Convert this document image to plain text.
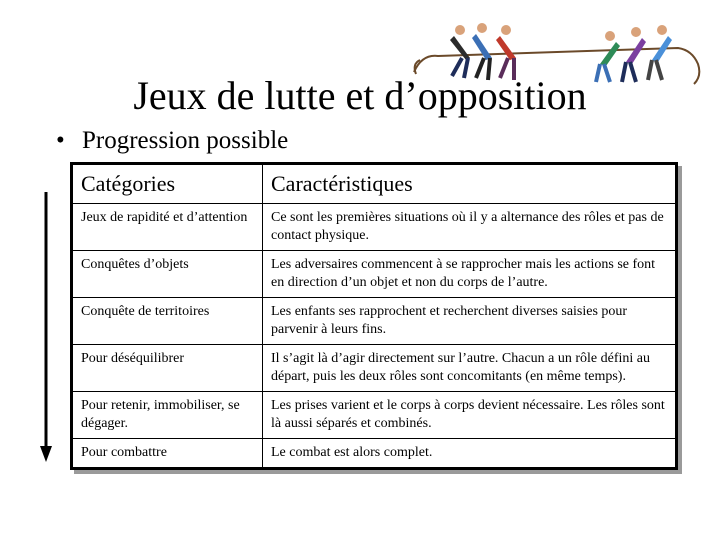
Jeux de lutte et d’opposition
• Progression possible
Catégories	Caractéristiques
Jeux de rapidité et d’attention	Ce sont les premières situations où il y a alternance des rôles et pas de contact physique.
Conquêtes d’objets	Les adversaires commencent à se rapprocher mais les actions se font en direction d’un objet et non du corps de l’autre.
Conquête de territoires	Les enfants ses rapprochent et recherchent diverses saisies pour parvenir à leurs fins.
Pour déséquilibrer	Il s’agit là d’agir directement sur l’autre. Chacun a un rôle défini au départ, puis les deux rôles sont concomitants (en même temps).
Pour retenir, immobiliser, se dégager.	Les prises varient et le corps à corps devient nécessaire. Les rôles sont là aussi séparés et combinés.
Pour combattre	Le combat est alors complet.
